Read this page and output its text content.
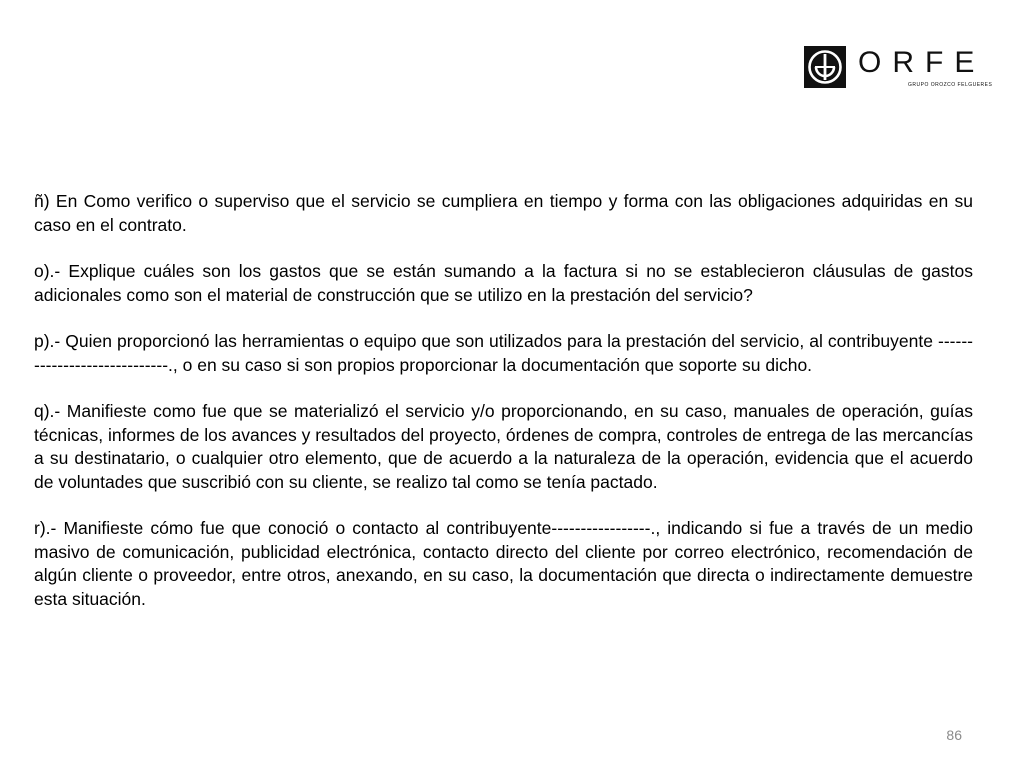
ORFE
GRUPO OROZCO FELGUERES

ñ) En Como verifico o superviso que el servicio se cumpliera en tiempo y forma con las obligaciones adquiridas en su caso en el contrato.

o).- Explique cuáles son los gastos que se están sumando a la factura si no se establecieron cláusulas de gastos adicionales como son el material de construcción que se utilizo en la prestación del servicio?

p).- Quien proporcionó las herramientas o equipo que son utilizados para la prestación del servicio, al contribuyente -----------------------------., o en su caso si son propios proporcionar la documentación que soporte su dicho.

q).- Manifieste como fue que se materializó el servicio y/o proporcionando, en su caso, manuales de operación, guías técnicas, informes de los avances y resultados del proyecto, órdenes de compra, controles de entrega de las mercancías a su destinatario, o cualquier otro elemento, que de acuerdo a la naturaleza de la operación, evidencia que el acuerdo de voluntades que suscribió con su cliente, se realizo tal como se tenía pactado.

r).- Manifieste cómo fue que conoció o contacto al contribuyente-----------------., indicando si fue a través de un medio masivo de comunicación, publicidad electrónica, contacto directo del cliente por correo electrónico, recomendación de algún cliente o proveedor, entre otros, anexando, en su caso, la documentación que directa o indirectamente demuestre esta situación.

86
